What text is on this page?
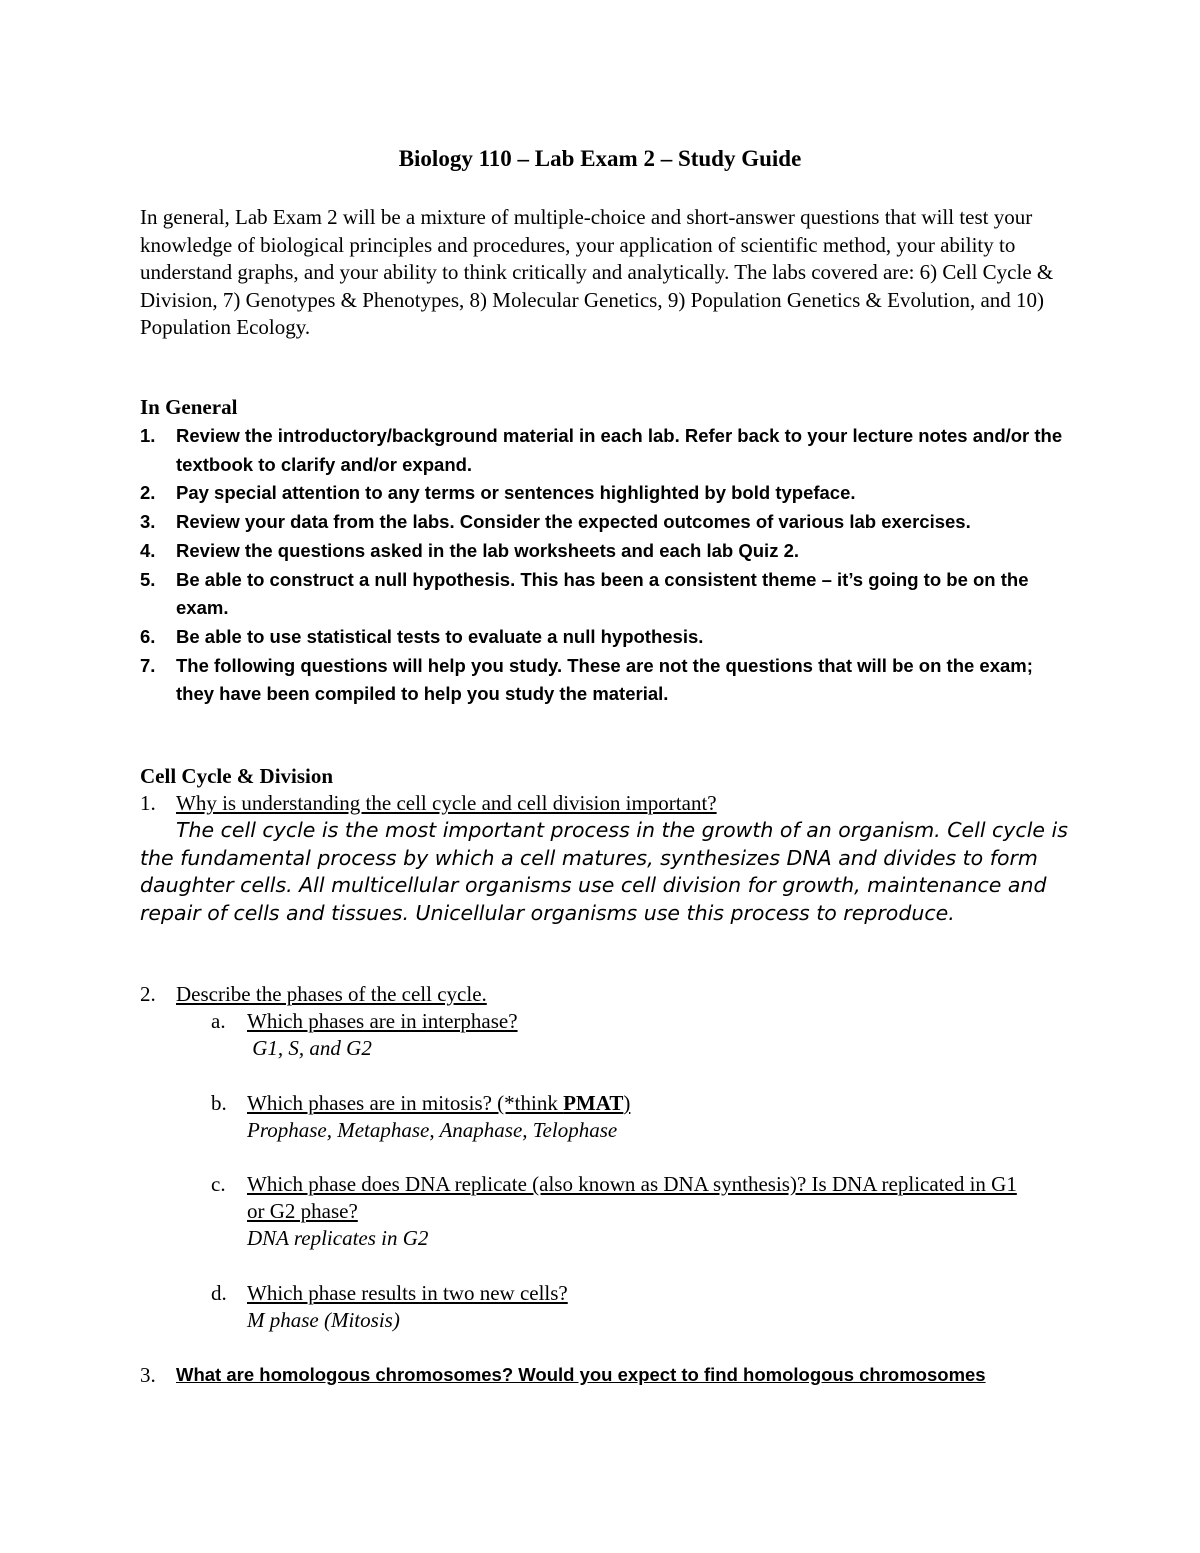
Biology 110 – Lab Exam 2 – Study Guide

In general, Lab Exam 2 will be a mixture of multiple-choice and short-answer questions that will test your knowledge of biological principles and procedures, your application of scientific method, your ability to understand graphs, and your ability to think critically and analytically. The labs covered are: 6) Cell Cycle & Division, 7) Genotypes & Phenotypes, 8) Molecular Genetics, 9) Population Genetics & Evolution, and 10) Population Ecology.

In General
1. Review the introductory/background material in each lab. Refer back to your lecture notes and/or the textbook to clarify and/or expand.
2. Pay special attention to any terms or sentences highlighted by bold typeface.
3. Review your data from the labs. Consider the expected outcomes of various lab exercises.
4. Review the questions asked in the lab worksheets and each lab Quiz 2.
5. Be able to construct a null hypothesis. This has been a consistent theme – it’s going to be on the exam.
6. Be able to use statistical tests to evaluate a null hypothesis.
7. The following questions will help you study. These are not the questions that will be on the exam; they have been compiled to help you study the material.
Cell Cycle & Division
1. Why is understanding the cell cycle and cell division important?

The cell cycle is the most important process in the growth of an organism. Cell cycle is the fundamental process by which a cell matures, synthesizes DNA and divides to form daughter cells. All multicellular organisms use cell division for growth, maintenance and repair of cells and tissues. Unicellular organisms use this process to reproduce.

2. Describe the phases of the cell cycle.
a. Which phases are in interphase?
G1, S, and G2
b. Which phases are in mitosis? (*think PMAT)
Prophase, Metaphase, Anaphase, Telophase
c. Which phase does DNA replicate (also known as DNA synthesis)? Is DNA replicated in G1 or G2 phase?
DNA replicates in G2
d. Which phase results in two new cells?
M phase (Mitosis)
3. What are homologous chromosomes? Would you expect to find homologous chromosomes
